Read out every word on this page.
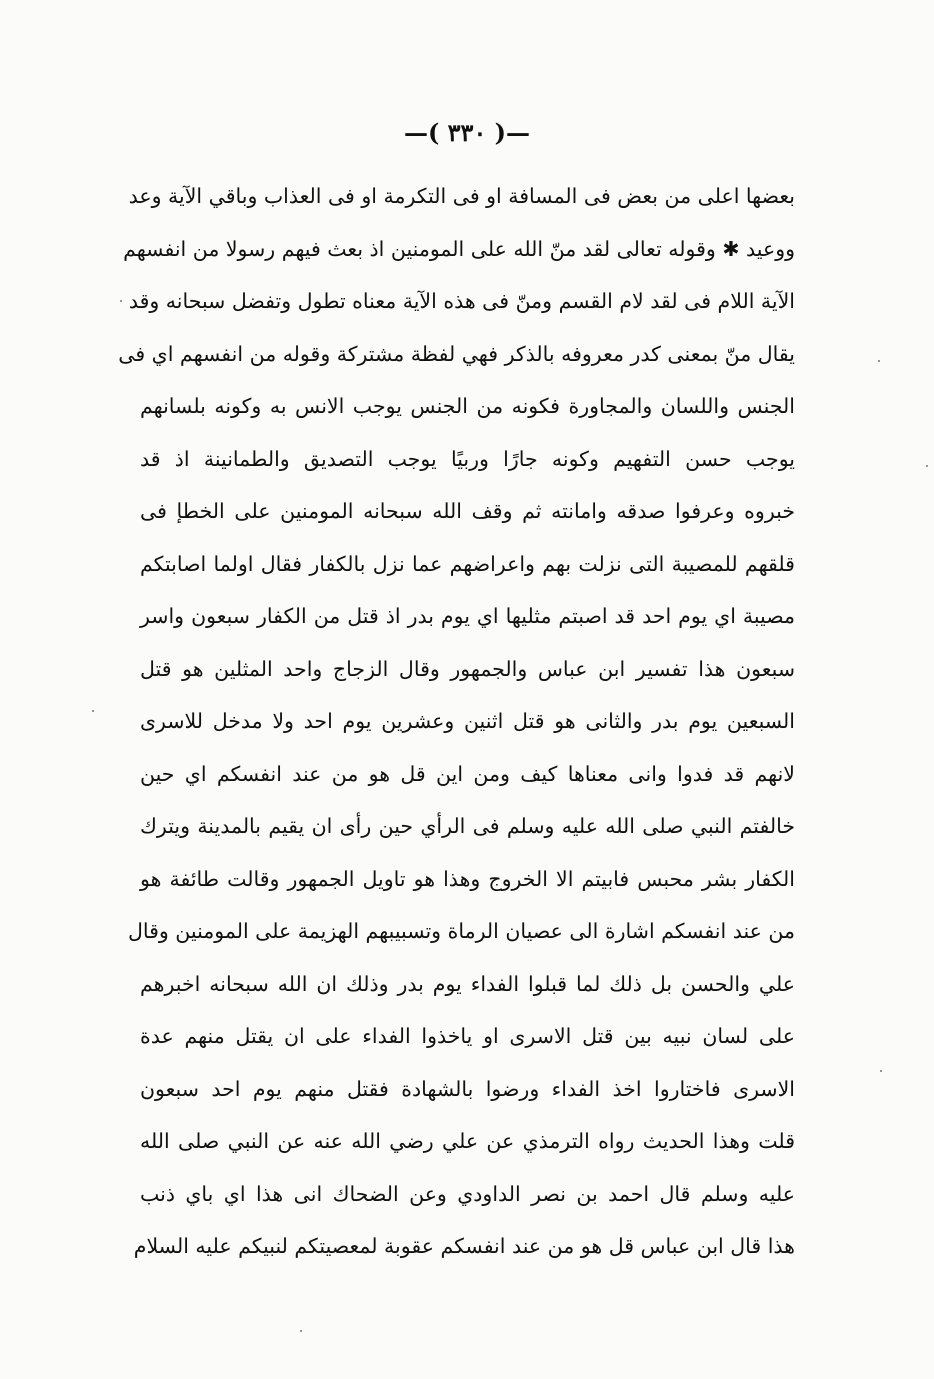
—( ٣٣٠ )—
بعضها اعلى من بعض فى المسافة او فى التكرمة او فى العذاب وباقي الآية وعد
ووعيد ✱ وقوله تعالى لقد منّ الله على المومنين اذ بعث فيهم رسولا من انفسهم
الآية اللام فى لقد لام القسم ومنّ فى هذه الآية معناه تطول وتفضل سبحانه وقد
يقال منّ بمعنى كدر معروفه بالذكر فهي لفظة مشتركة وقوله من انفسهم اي فى
الجنس واللسان والمجاورة فكونه من الجنس يوجب الانس به وكونه بلسانهم
يوجب حسن التفهيم وكونه جارًا وربيًا يوجب التصديق والطمانينة اذ قد
خبروه وعرفوا صدقه وامانته ثم وقف الله سبحانه المومنين على الخطإ فى
قلقهم للمصيبة التى نزلت بهم واعراضهم عما نزل بالكفار فقال اولما اصابتكم
مصيبة اي يوم احد قد اصبتم مثليها اي يوم بدر اذ قتل من الكفار سبعون واسر
سبعون هذا تفسير ابن عباس والجمهور وقال الزجاج واحد المثلين هو قتل
السبعين يوم بدر والثانى هو قتل اثنين وعشرين يوم احد ولا مدخل للاسرى
لانهم قد فدوا وانى معناها كيف ومن اين قل هو من عند انفسكم اي حين
خالفتم النبي صلى الله عليه وسلم فى الرأي حين رأى ان يقيم بالمدينة ويترك
الكفار بشر محبس فابيتم الا الخروج وهذا هو تاويل الجمهور وقالت طائفة هو
من عند انفسكم اشارة الى عصيان الرماة وتسبيبهم الهزيمة على المومنين وقال
علي والحسن بل ذلك لما قبلوا الفداء يوم بدر وذلك ان الله سبحانه اخبرهم
على لسان نبيه بين قتل الاسرى او ياخذوا الفداء على ان يقتل منهم عدة
الاسرى فاختاروا اخذ الفداء ورضوا بالشهادة فقتل منهم يوم احد سبعون
قلت وهذا الحديث رواه الترمذي عن علي رضي الله عنه عن النبي صلى الله
عليه وسلم قال احمد بن نصر الداودي وعن الضحاك انى هذا اي باي ذنب
هذا قال ابن عباس قل هو من عند انفسكم عقوبة لمعصيتكم لنبيكم عليه السلام
